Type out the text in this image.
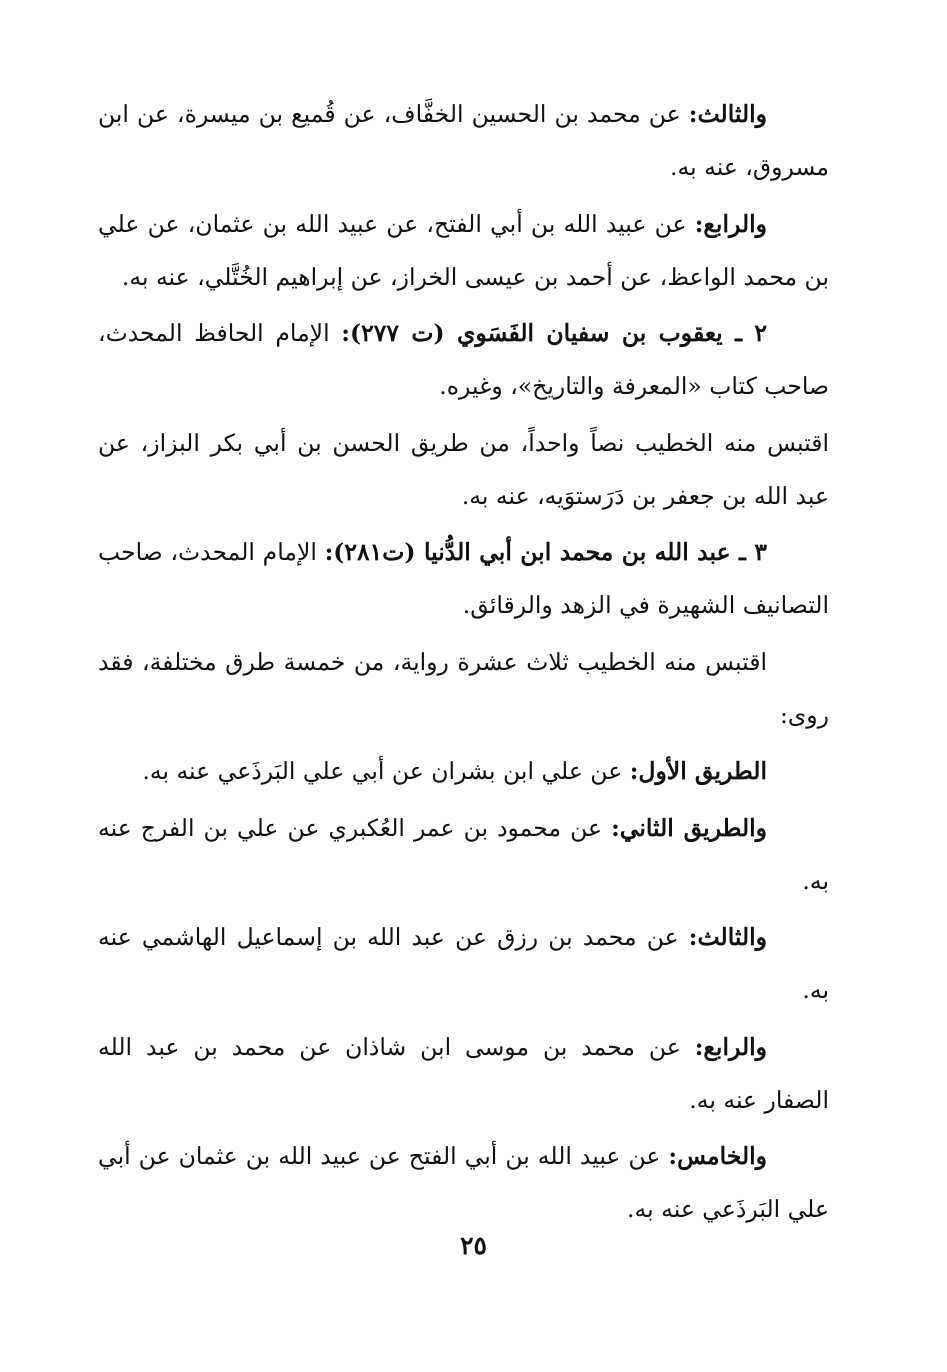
والثالث: عن محمد بن الحسين الخفَّاف، عن قُميع بن ميسرة، عن ابن مسروق، عنه به.

والرابع: عن عبيد الله بن أبي الفتح، عن عبيد الله بن عثمان، عن علي بن محمد الواعظ، عن أحمد بن عيسى الخراز، عن إبراهيم الخُتَّلي، عنه به.

٢ ـ يعقوب بن سفيان الفَسَوي (ت ٢٧٧): الإمام الحافظ المحدث، صاحب كتاب «المعرفة والتاريخ»، وغيره.

اقتبس منه الخطيب نصاً واحداً، من طريق الحسن بن أبي بكر البزاز، عن عبد الله بن جعفر بن دَرَستوَيه، عنه به.

٣ ـ عبد الله بن محمد ابن أبي الدُّنيا (ت٢٨١): الإمام المحدث، صاحب التصانيف الشهيرة في الزهد والرقائق.

اقتبس منه الخطيب ثلاث عشرة رواية، من خمسة طرق مختلفة، فقد روى:

الطريق الأول: عن علي ابن بشران عن أبي علي البَرذَعي عنه به.

والطريق الثاني: عن محمود بن عمر العُكبري عن علي بن الفرج عنه به.

والثالث: عن محمد بن رزق عن عبد الله بن إسماعيل الهاشمي عنه به.

والرابع: عن محمد بن موسى ابن شاذان عن محمد بن عبد الله الصفار عنه به.

والخامس: عن عبيد الله بن أبي الفتح عن عبيد الله بن عثمان عن أبي علي البَرذَعي عنه به.

٢٥
